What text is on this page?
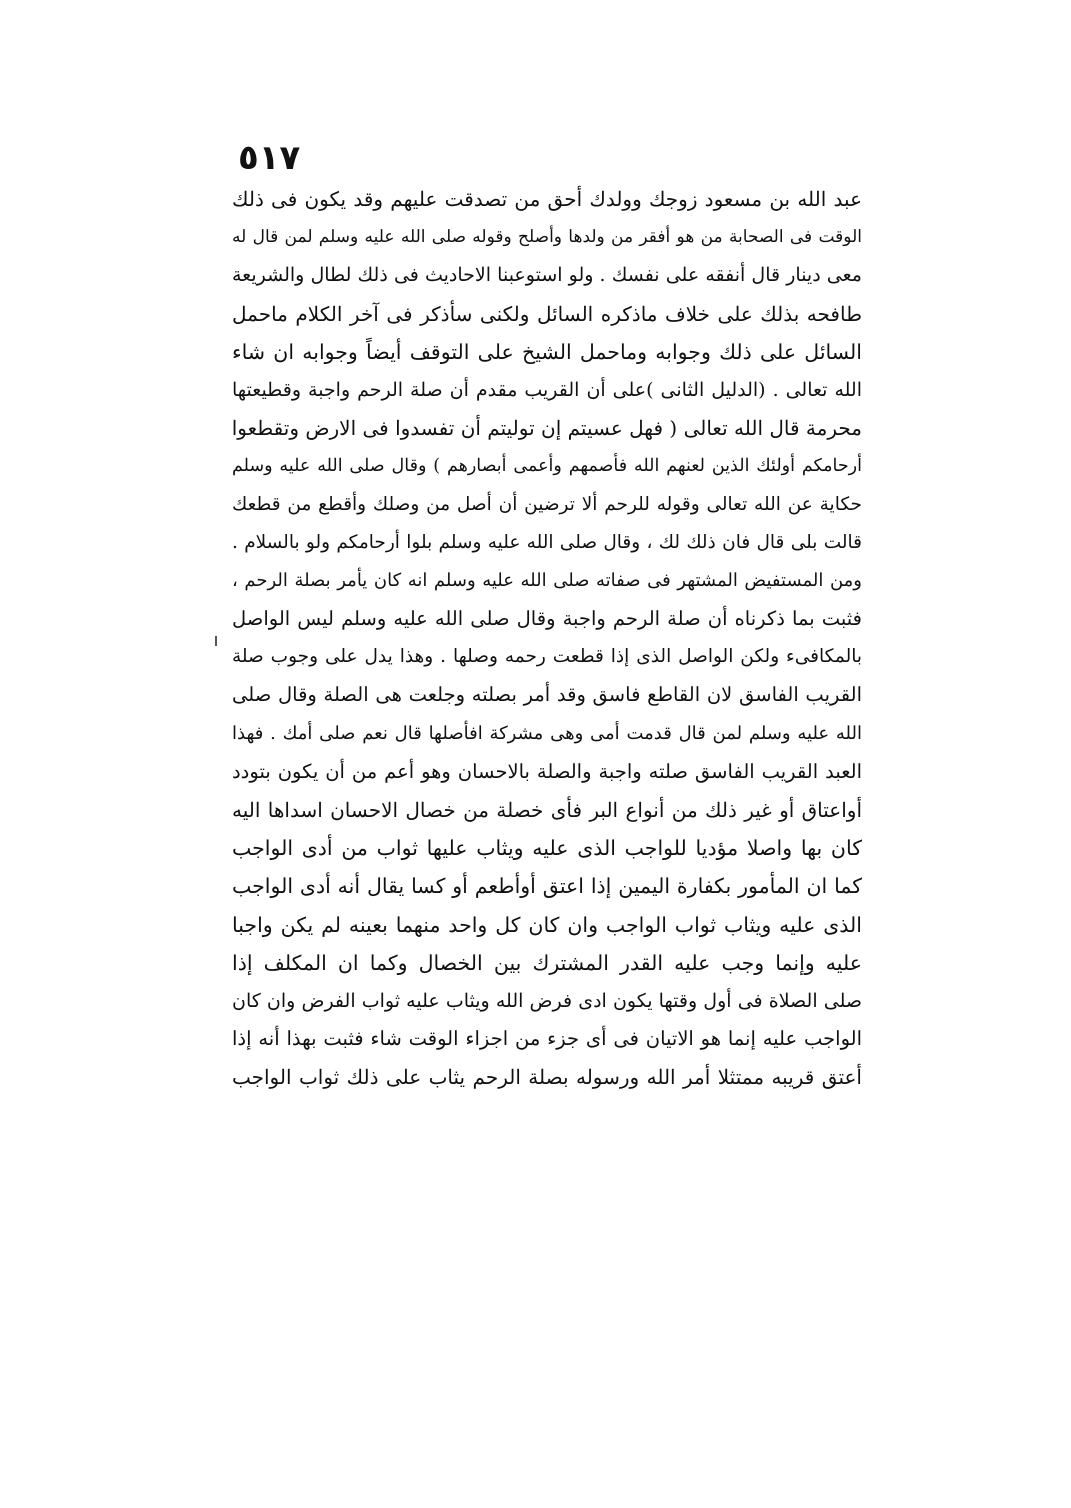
٥١٧
عبد الله بن مسعود زوجك وولدك أحق من تصدقت عليهم وقد يكون فى ذلك
الوقت فى الصحابة من هو أفقر من ولدها وأصلح وقوله صلى الله عليه وسلم لمن قال له
معى دينار قال أنفقه على نفسك . ولو استوعبنا الاحاديث فى ذلك لطال والشريعة
طافحه بذلك على خلاف ماذكره السائل ولكنى سأذكر فى آخر الكلام ماحمل
السائل على ذلك وجوابه وماحمل الشيخ على التوقف أيضاً وجوابه ان شاء
الله تعالى . (الدليل الثانى )على أن القريب مقدم أن صلة الرحم واجبة وقطيعتها
محرمة قال الله تعالى ( فهل عسيتم إن توليتم أن تفسدوا فى الارض وتقطعوا
أرحامكم أولئك الذين لعنهم الله فأصمهم وأعمى أبصارهم ) وقال صلى الله عليه وسلم
حكاية عن الله تعالى وقوله للرحم ألا ترضين أن أصل من وصلك وأقطع من قطعك
قالت بلى قال فان ذلك لك ، وقال صلى الله عليه وسلم بلوا أرحامكم ولو بالسلام .
ومن المستفيض المشتهر فى صفاته صلى الله عليه وسلم انه كان يأمر بصلة الرحم ،
فثبت بما ذكرناه أن صلة الرحم واجبة وقال صلى الله عليه وسلم ليس الواصل
بالمكافىء ولكن الواصل الذى إذا قطعت رحمه وصلها . وهذا يدل على وجوب صلة
القريب الفاسق لان القاطع فاسق وقد أمر بصلته وجلعت هى الصلة وقال صلى
الله عليه وسلم لمن قال قدمت أمى وهى مشركة افأصلها قال نعم صلى أمك . فهذا
العبد القريب الفاسق صلته واجبة والصلة بالاحسان وهو أعم من أن يكون بتودد
أواعتاق أو غير ذلك من أنواع البر فأى خصلة من خصال الاحسان اسداها اليه
كان بها واصلا مؤديا للواجب الذى عليه ويثاب عليها ثواب من أدى الواجب
كما ان المأمور بكفارة اليمين إذا اعتق أوأطعم أو كسا يقال أنه أدى الواجب
الذى عليه ويثاب ثواب الواجب وان كان كل واحد منهما بعينه لم يكن واجبا
عليه وإنما وجب عليه القدر المشترك بين الخصال وكما ان المكلف إذا
صلى الصلاة فى أول وقتها يكون ادى فرض الله ويثاب عليه ثواب الفرض وان كان
الواجب عليه إنما هو الاتيان فى أى جزء من اجزاء الوقت شاء فثبت بهذا أنه إذا
أعتق قريبه ممتثلا أمر الله ورسوله بصلة الرحم يثاب على ذلك ثواب الواجب
